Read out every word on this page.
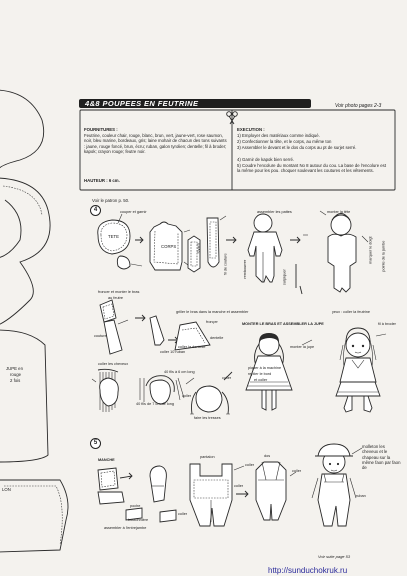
JUPE en
rouge
2 fois
LON
4&8 POUPEES EN FEUTRINE	Voir photo pages 2-3
FOURNITURES :
Feutrine, couleur chair, rouge, blanc, brun, vert, jaune-vert, rose saumon, noir, bleu marine, bordeaux, gris; laine mohair de chacun des tons suivants : jaune, rouge foncé, brun, écru; ruban, galon tyrolien; dentelle; fil à broder; kapok; crayon rouge; feutre noir.
HAUTEUR : 6 cm.
EXECUTION :
1) Employer des matériaux comme indiqué.
2) Confectionner la tête, et le corps, au même ton
3) Assembler le devant et le dos du corps au pt de surjet serré.
4) Garnir de kapok bien serré.
5) Coudre l'encolure du montant No 8 autour du cou. La base de l'encolure est la même pour les pou. choquer soulevant les coutures et les vêtements.
Voir le patron p. 50.
4	couper et garnir
TETE
CORPS	BRAS
assembler les pattes	monter la tête
rembourrer	surpiquer
marquer le doigt pointe de la jambe
fil de couture
froncer et monter le bras
au feutre
couture
griller le bras dans la manche et assembler
coller la dentelle
coller 10 ruban
dentelle
fronçer
monter la jupe
MONTER LE BRAS ET ASSEMBLER LA JUPE
yeux : coller la feutrine
fil à broder
coller les cheveux
40 fils à 6 cm long
40 fils de 7 cm de long
coller
piquer à la machine
replier le bord
et coller
faire les tresses
coller
5
MANCHE
pantalon
poche
coller
boutonnière
assembler à l'entrejambe
coller
dos
coller
coller
molleton les cheveux et le chapeau sur la même faon par faon de
ruban
Voir suite page 53
http://sunduchokruk.ru
